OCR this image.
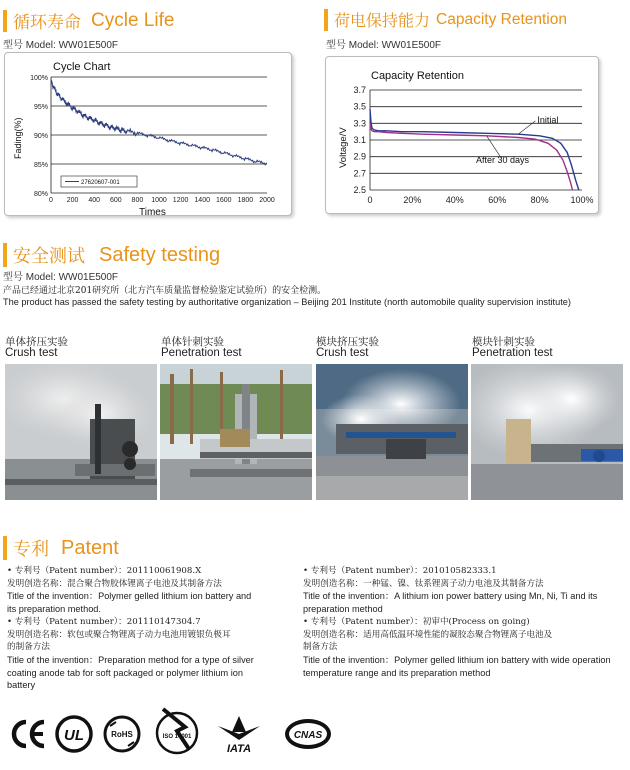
循环寿命 Cycle Life
型号 Model: WW01E500F
Cycle Chart
100%
95%
90%
85%
80%
0 200 400 600 800 1000 1200 1400 1600 1800 2000
Times
Fading(%)
27620607-001
荷电保持能力 Capacity Retention
型号 Model: WW01E500F
Capacity Retention
3.7
3.5
3.3
3.1
2.9
2.7
2.5
0	20%	40%	60%	80% 100%
Voltage/V
Initial
After 30 days
安全测试 Safety testing
型号 Model: WW01E500F
产品已经通过北京201研究所（北方汽车质量监督检验鉴定试验所）的安全检测。
The product has passed the safety testing by authoritative organization – Beijing 201 Institute (north automobile quality supervision institute)
单体挤压实验
Crush test
单体针刺实验
Penetration test
模块挤压实验
Crush test
模块针刺实验
Penetration test
专利 Patent
• 专利号（Patent number）：201110061908.X
发明创造名称：混合聚合物胶体锂离子电池及其制备方法
Title of the invention：Polymer gelled lithium ion battery and
its preparation method.
• 专利号（Patent number）：201110147304.7
发明创造名称：软包或聚合物锂离子动力电池用镀银负极耳
的制备方法
Title of the invention：Preparation method for a type of silver
coating anode tab for soft packaged or polymer lithium ion
battery
• 专利号（Patent number）：201010582333.1
发明创造名称：一种锰、镍、钛系锂离子动力电池及其制备方法
Title of the invention：A lithium ion power battery using Mn, Ni, Ti and its
preparation method
• 专利号（Patent number）：初审中(Process on going)
发明创造名称：适用高低温环境性能的凝胶态聚合物锂离子电池及
制备方法
Title of the invention：Polymer gelled lithium ion battery with wide operation
temperature range and its preparation method
UL	RoHS	ISO 14001
IATA
CNAS
